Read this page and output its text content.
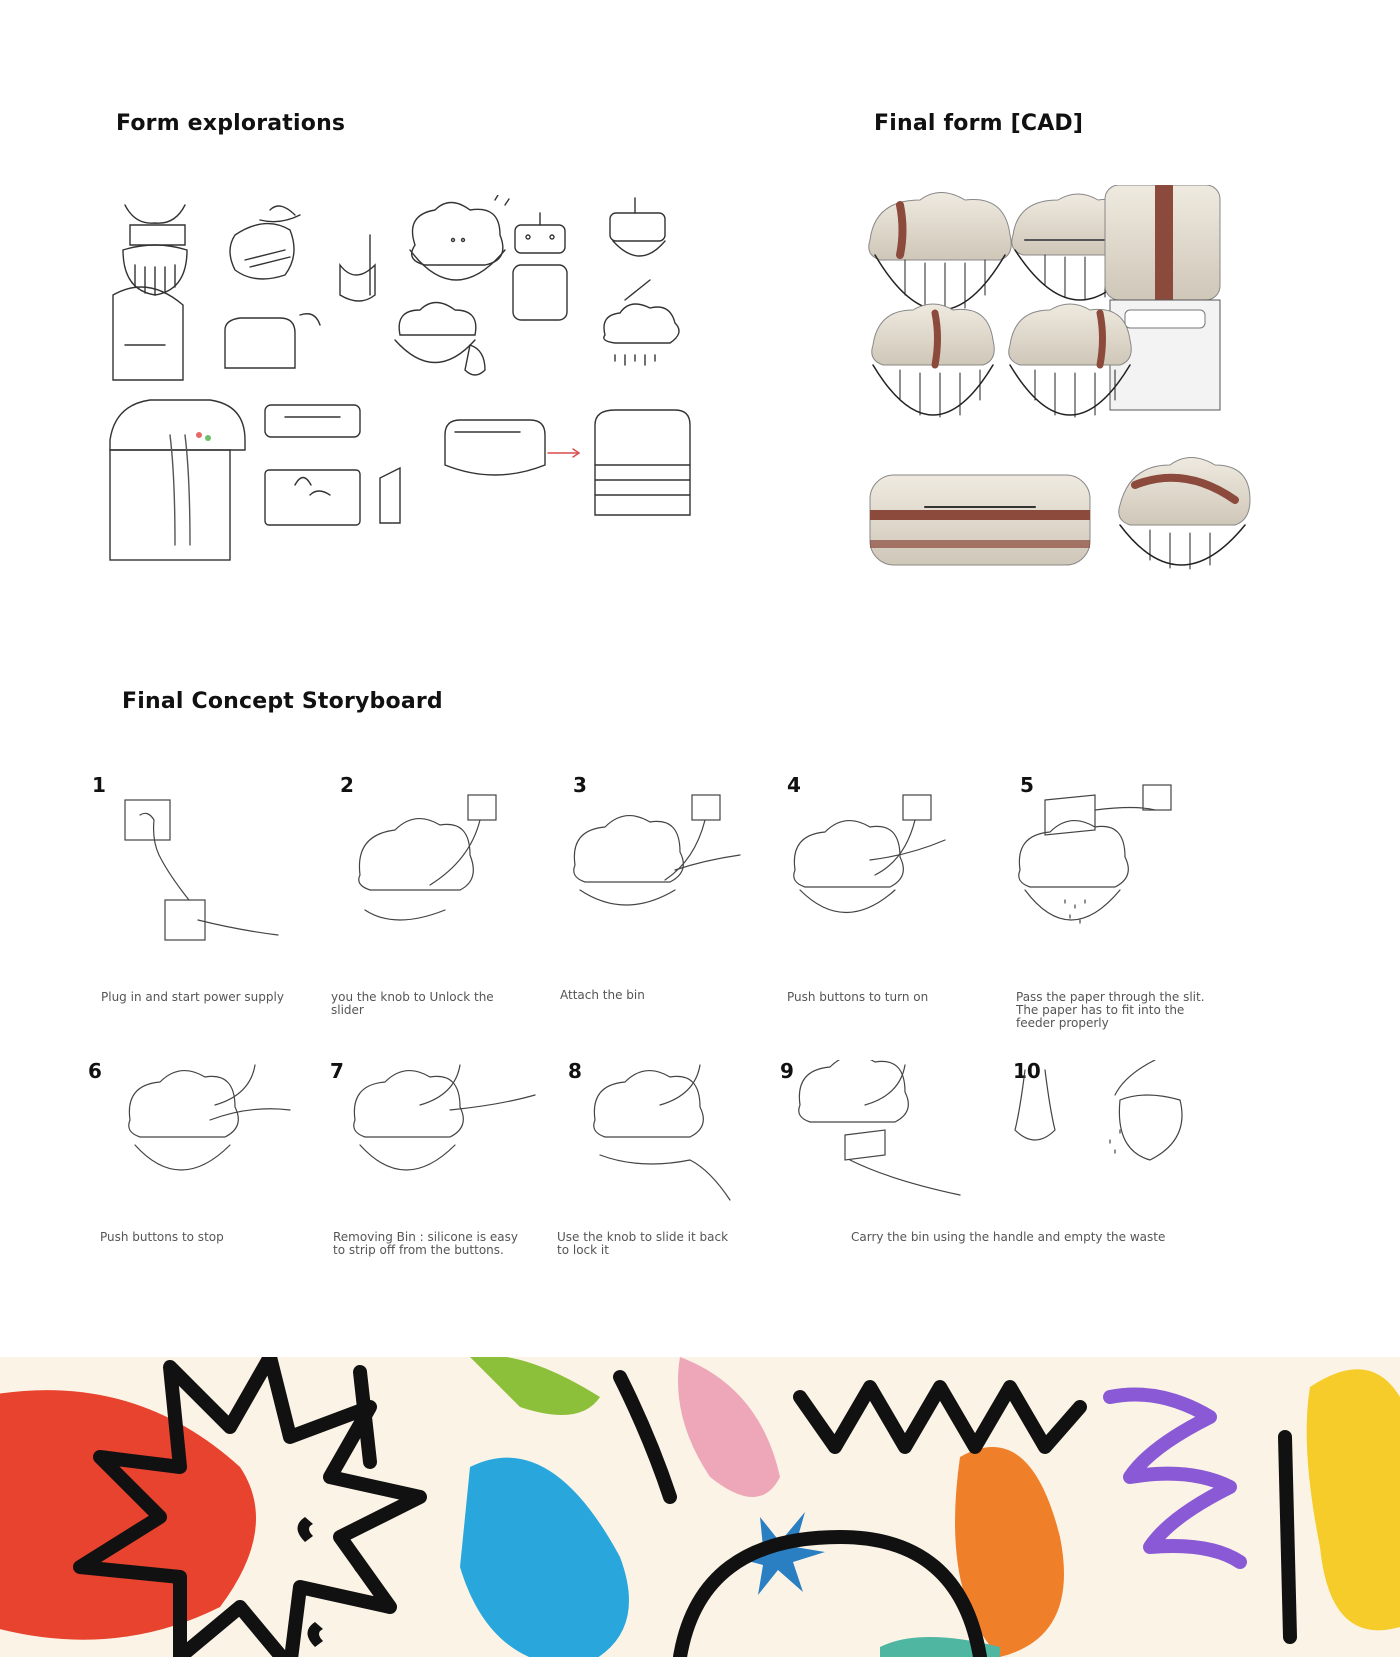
Form explorations	Final form [CAD]
Final Concept Storyboard
1	2	3	4	5
Plug in and start power supply	you the knob to Unlock the slider
Attach the bin	Push buttons to turn on	Pass the paper through the slit. The paper has to fit into the feeder properly
6	7	8	9	10
Push buttons to stop	Removing Bin : silicone is easy to strip off from the buttons.
Use the knob to slide it back to lock it
Carry the bin using the handle and empty the waste
